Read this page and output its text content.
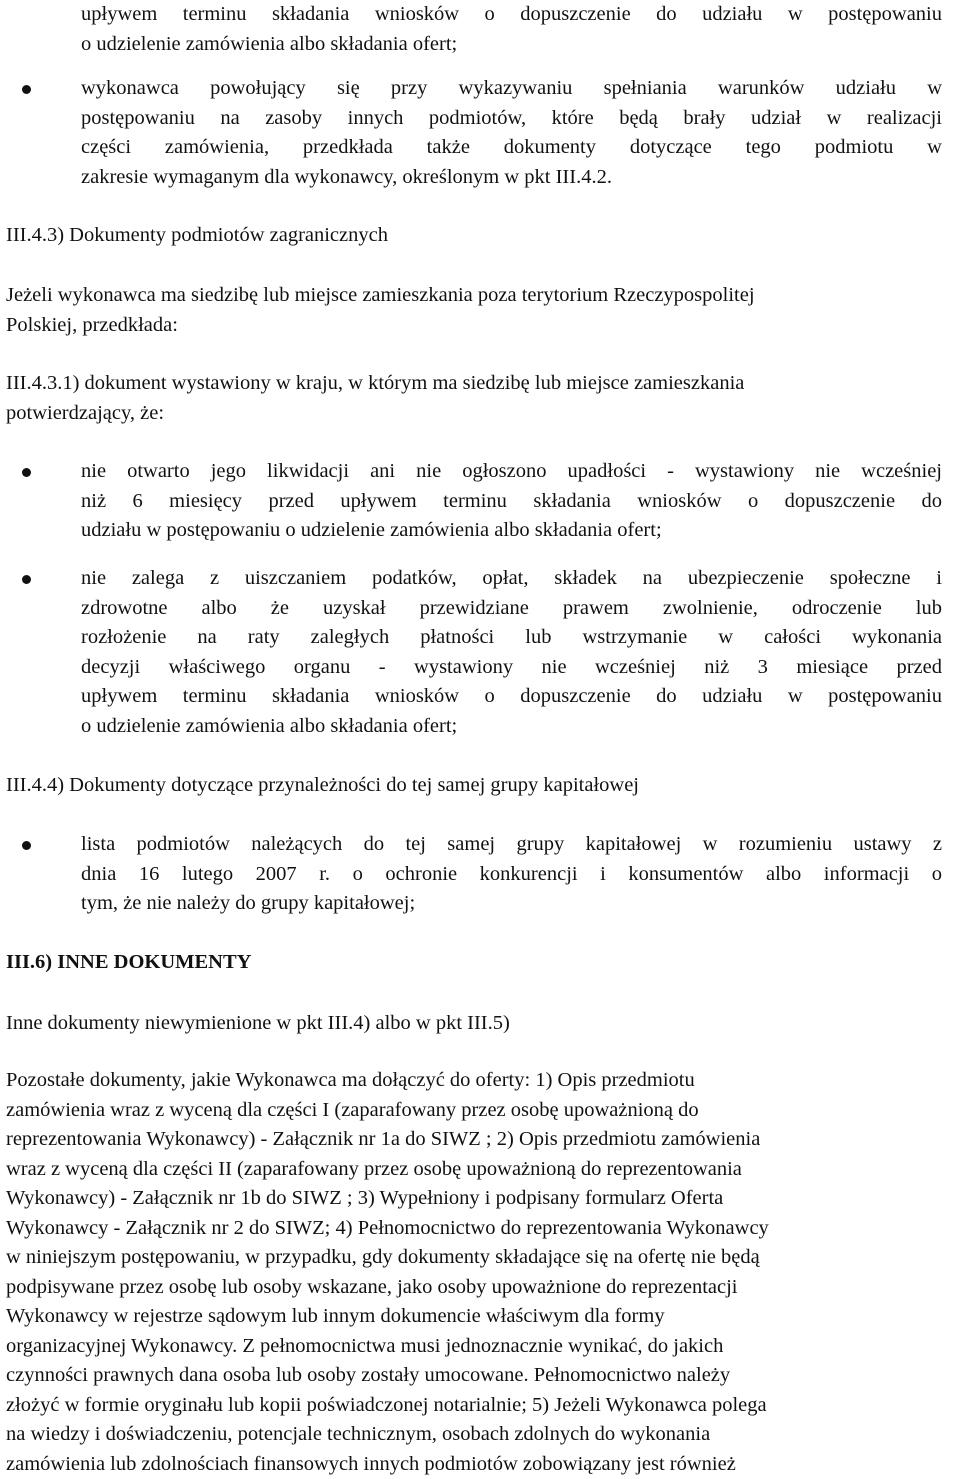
upływem terminu składania wniosków o dopuszczenie do udziału w postępowaniu
o udzielenie zamówienia albo składania ofert;
wykonawca powołujący się przy wykazywaniu spełniania warunków udziału w
postępowaniu na zasoby innych podmiotów, które będą brały udział w realizacji
części zamówienia, przedkłada także dokumenty dotyczące tego podmiotu w
zakresie wymaganym dla wykonawcy, określonym w pkt III.4.2.
III.4.3) Dokumenty podmiotów zagranicznych
Jeżeli wykonawca ma siedzibę lub miejsce zamieszkania poza terytorium Rzeczypospolitej
Polskiej, przedkłada:
III.4.3.1) dokument wystawiony w kraju, w którym ma siedzibę lub miejsce zamieszkania
potwierdzający, że:
nie otwarto jego likwidacji ani nie ogłoszono upadłości - wystawiony nie wcześniej
niż 6 miesięcy przed upływem terminu składania wniosków o dopuszczenie do
udziału w postępowaniu o udzielenie zamówienia albo składania ofert;
nie zalega z uiszczaniem podatków, opłat, składek na ubezpieczenie społeczne i
zdrowotne albo że uzyskał przewidziane prawem zwolnienie, odroczenie lub
rozłożenie na raty zaległych płatności lub wstrzymanie w całości wykonania
decyzji właściwego organu - wystawiony nie wcześniej niż 3 miesiące przed
upływem terminu składania wniosków o dopuszczenie do udziału w postępowaniu
o udzielenie zamówienia albo składania ofert;
III.4.4) Dokumenty dotyczące przynależności do tej samej grupy kapitałowej
lista podmiotów należących do tej samej grupy kapitałowej w rozumieniu ustawy z
dnia 16 lutego 2007 r. o ochronie konkurencji i konsumentów albo informacji o
tym, że nie należy do grupy kapitałowej;
III.6) INNE DOKUMENTY
Inne dokumenty niewymienione w pkt III.4) albo w pkt III.5)
Pozostałe dokumenty, jakie Wykonawca ma dołączyć do oferty: 1) Opis przedmiotu
zamówienia wraz z wyceną dla części I (zaparafowany przez osobę upoważnioną do
reprezentowania Wykonawcy) - Załącznik nr 1a do SIWZ ; 2) Opis przedmiotu zamówienia
wraz z wyceną dla części II (zaparafowany przez osobę upoważnioną do reprezentowania
Wykonawcy) - Załącznik nr 1b do SIWZ ; 3) Wypełniony i podpisany formularz Oferta
Wykonawcy - Załącznik nr 2 do SIWZ; 4) Pełnomocnictwo do reprezentowania Wykonawcy
w niniejszym postępowaniu, w przypadku, gdy dokumenty składające się na ofertę nie będą
podpisywane przez osobę lub osoby wskazane, jako osoby upoważnione do reprezentacji
Wykonawcy w rejestrze sądowym lub innym dokumencie właściwym dla formy
organizacyjnej Wykonawcy. Z pełnomocnictwa musi jednoznacznie wynikać, do jakich
czynności prawnych dana osoba lub osoby zostały umocowane. Pełnomocnictwo należy
złożyć w formie oryginału lub kopii poświadczonej notarialnie; 5) Jeżeli Wykonawca polega
na wiedzy i doświadczeniu, potencjale technicznym, osobach zdolnych do wykonania
zamówienia lub zdolnościach finansowych innych podmiotów zobowiązany jest również
